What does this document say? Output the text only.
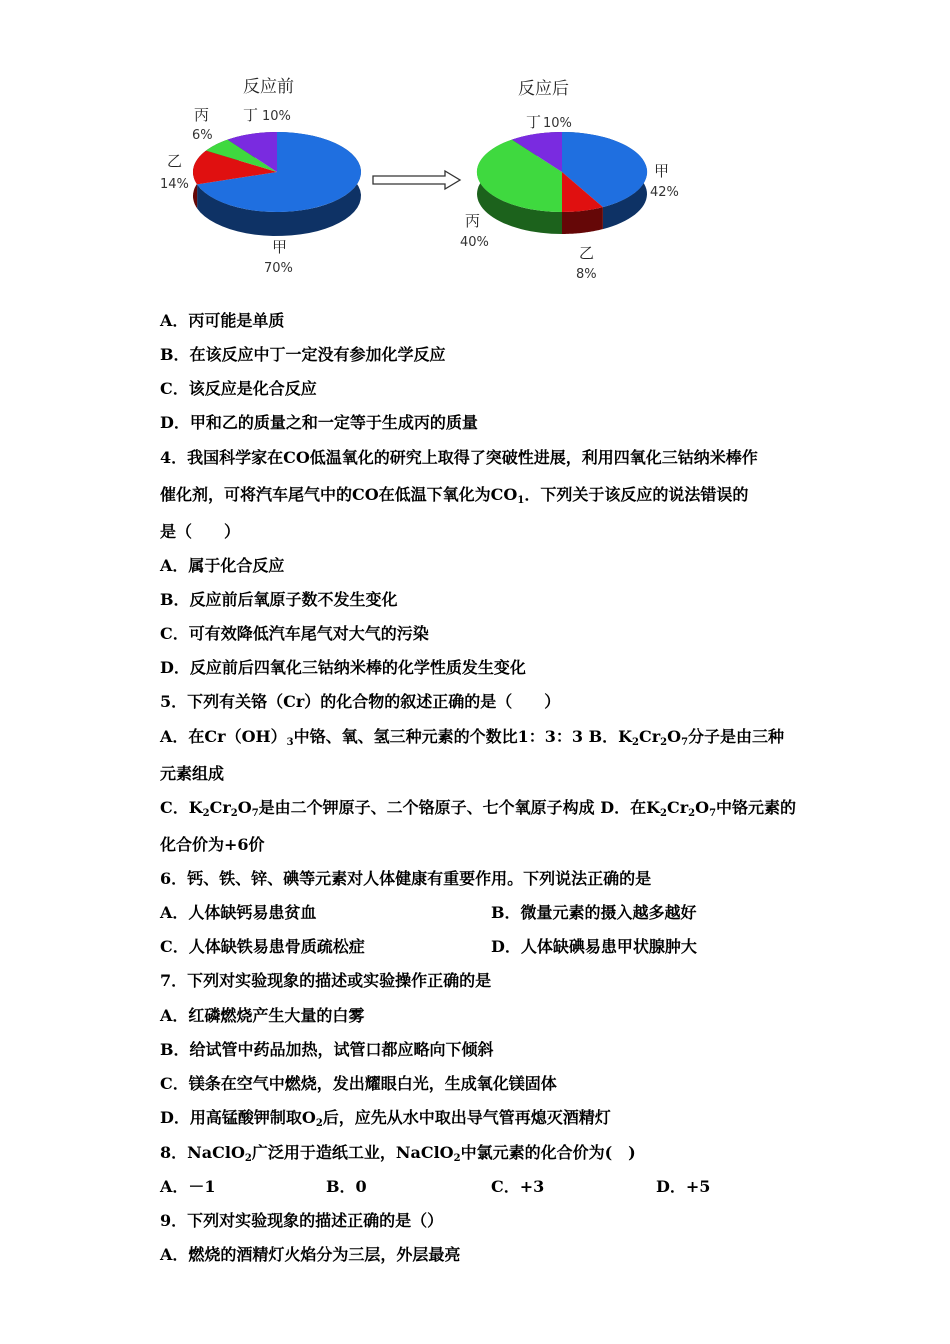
反应前	反应后
丙
6%
丁 10%
乙
14%
甲
70%
丁 10%
甲
42%
丙
40%
乙
8%
A．丙可能是单质
B．在该反应中丁一定没有参加化学反应
C．该反应是化合反应
D．甲和乙的质量之和一定等于生成丙的质量
4．我国科学家在CO低温氧化的研究上取得了突破性进展，利用四氧化三钴纳米棒作
催化剂，可将汽车尾气中的CO在低温下氧化为$CO_1$．下列关于该反应的说法错误的
是（　　）
A．属于化合反应
B．反应前后氧原子数不发生变化
C．可有效降低汽车尾气对大气的污染
D．反应前后四氧化三钴纳米棒的化学性质发生变化
5．下列有关铬（Cr）的化合物的叙述正确的是（　　）
A．在$Cr(OH)_3$中铬、氧、氢三种元素的个数比1：3：3 B．$K_2Cr_2O_7$分子是由三种
元素组成
C．$K_2Cr_2O_7$是由二个钾原子、二个铬原子、七个氧原子构成 D．在$K_2Cr_2O_7$中铬元素的
化合价为+6价
6．钙、铁、锌、碘等元素对人体健康有重要作用。下列说法正确的是
A．人体缺钙易患贫血	B．微量元素的摄入越多越好
C．人体缺铁易患骨质疏松症	D．人体缺碘易患甲状腺肿大
7．下列对实验现象的描述或实验操作正确的是
A．红磷燃烧产生大量的白雾
B．给试管中药品加热，试管口都应略向下倾斜
C．镁条在空气中燃烧，发出耀眼白光，生成氧化镁固体
D．用高锰酸钾制取$O_2$后，应先从水中取出导气管再熄灭酒精灯
8．NaClO$_2$广泛用于造纸工业，NaClO$_2$中氯元素的化合价为(　)
A．－1	B．0	C．+3	D．+5
9．下列对实验现象的描述正确的是（）
A．燃烧的酒精灯火焰分为三层，外层最亮
